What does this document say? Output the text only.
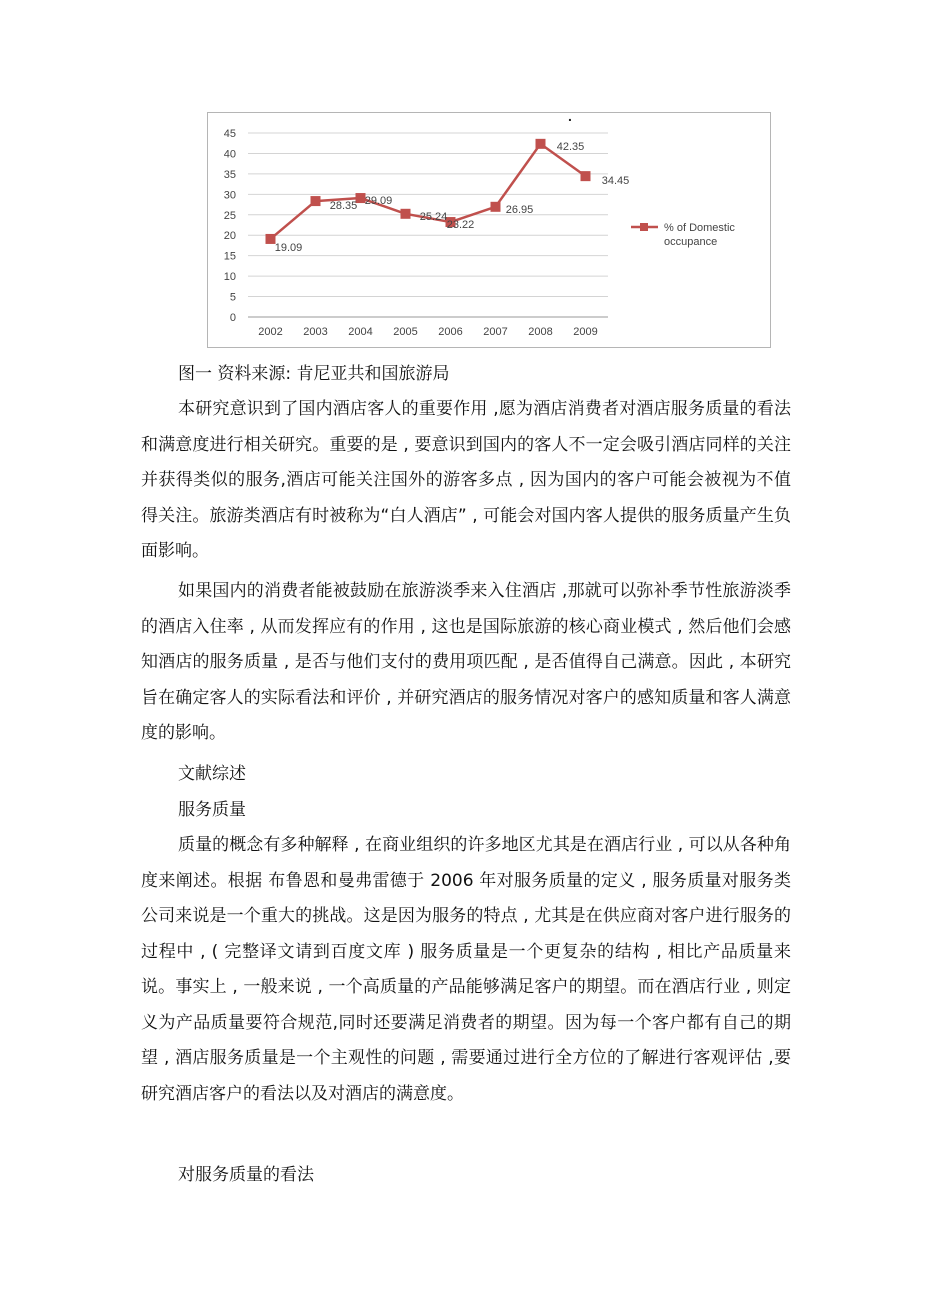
0
5
10
15
20
25
30
35
40
45
2002 2003 2004 2005 2006 2007 2008 2009
.
19.09
28.35 29.09
25.24
23.22
26.95
42.35
34.45
% of Domestic
occupance
图一 资料来源: 肯尼亚共和国旅游局

本研究意识到了国内酒店客人的重要作用 ,愿为酒店消费者对酒店服务质量的看法和满意度进行相关研究。重要的是 , 要意识到国内的客人不一定会吸引酒店同样的关注并获得类似的服务,酒店可能关注国外的游客多点 , 因为国内的客户可能会被视为不值得关注。旅游类酒店有时被称为“白人酒店” , 可能会对国内客人提供的服务质量产生负面影响。

如果国内的消费者能被鼓励在旅游淡季来入住酒店 ,那就可以弥补季节性旅游淡季的酒店入住率 , 从而发挥应有的作用 , 这也是国际旅游的核心商业模式 , 然后他们会感知酒店的服务质量 , 是否与他们支付的费用项匹配 , 是否值得自己满意。因此 , 本研究旨在确定客人的实际看法和评价 , 并研究酒店的服务情况对客户的感知质量和客人满意度的影响。

文献综述
服务质量

质量的概念有多种解释 , 在商业组织的许多地区尤其是在酒店行业 , 可以从各种角度来阐述。根据 布鲁恩和曼弗雷德于 2006 年对服务质量的定义 , 服务质量对服务类公司来说是一个重大的挑战。这是因为服务的特点 , 尤其是在供应商对客户进行服务的过程中 , ( 完整译文请到百度文库 ) 服务质量是一个更复杂的结构 , 相比产品质量来说。事实上 , 一般来说 , 一个高质量的产品能够满足客户的期望。而在酒店行业 , 则定义为产品质量要符合规范,同时还要满足消费者的期望。因为每一个客户都有自己的期望 , 酒店服务质量是一个主观性的问题 , 需要通过进行全方位的了解进行客观评估 ,要研究酒店客户的看法以及对酒店的满意度。

对服务质量的看法
